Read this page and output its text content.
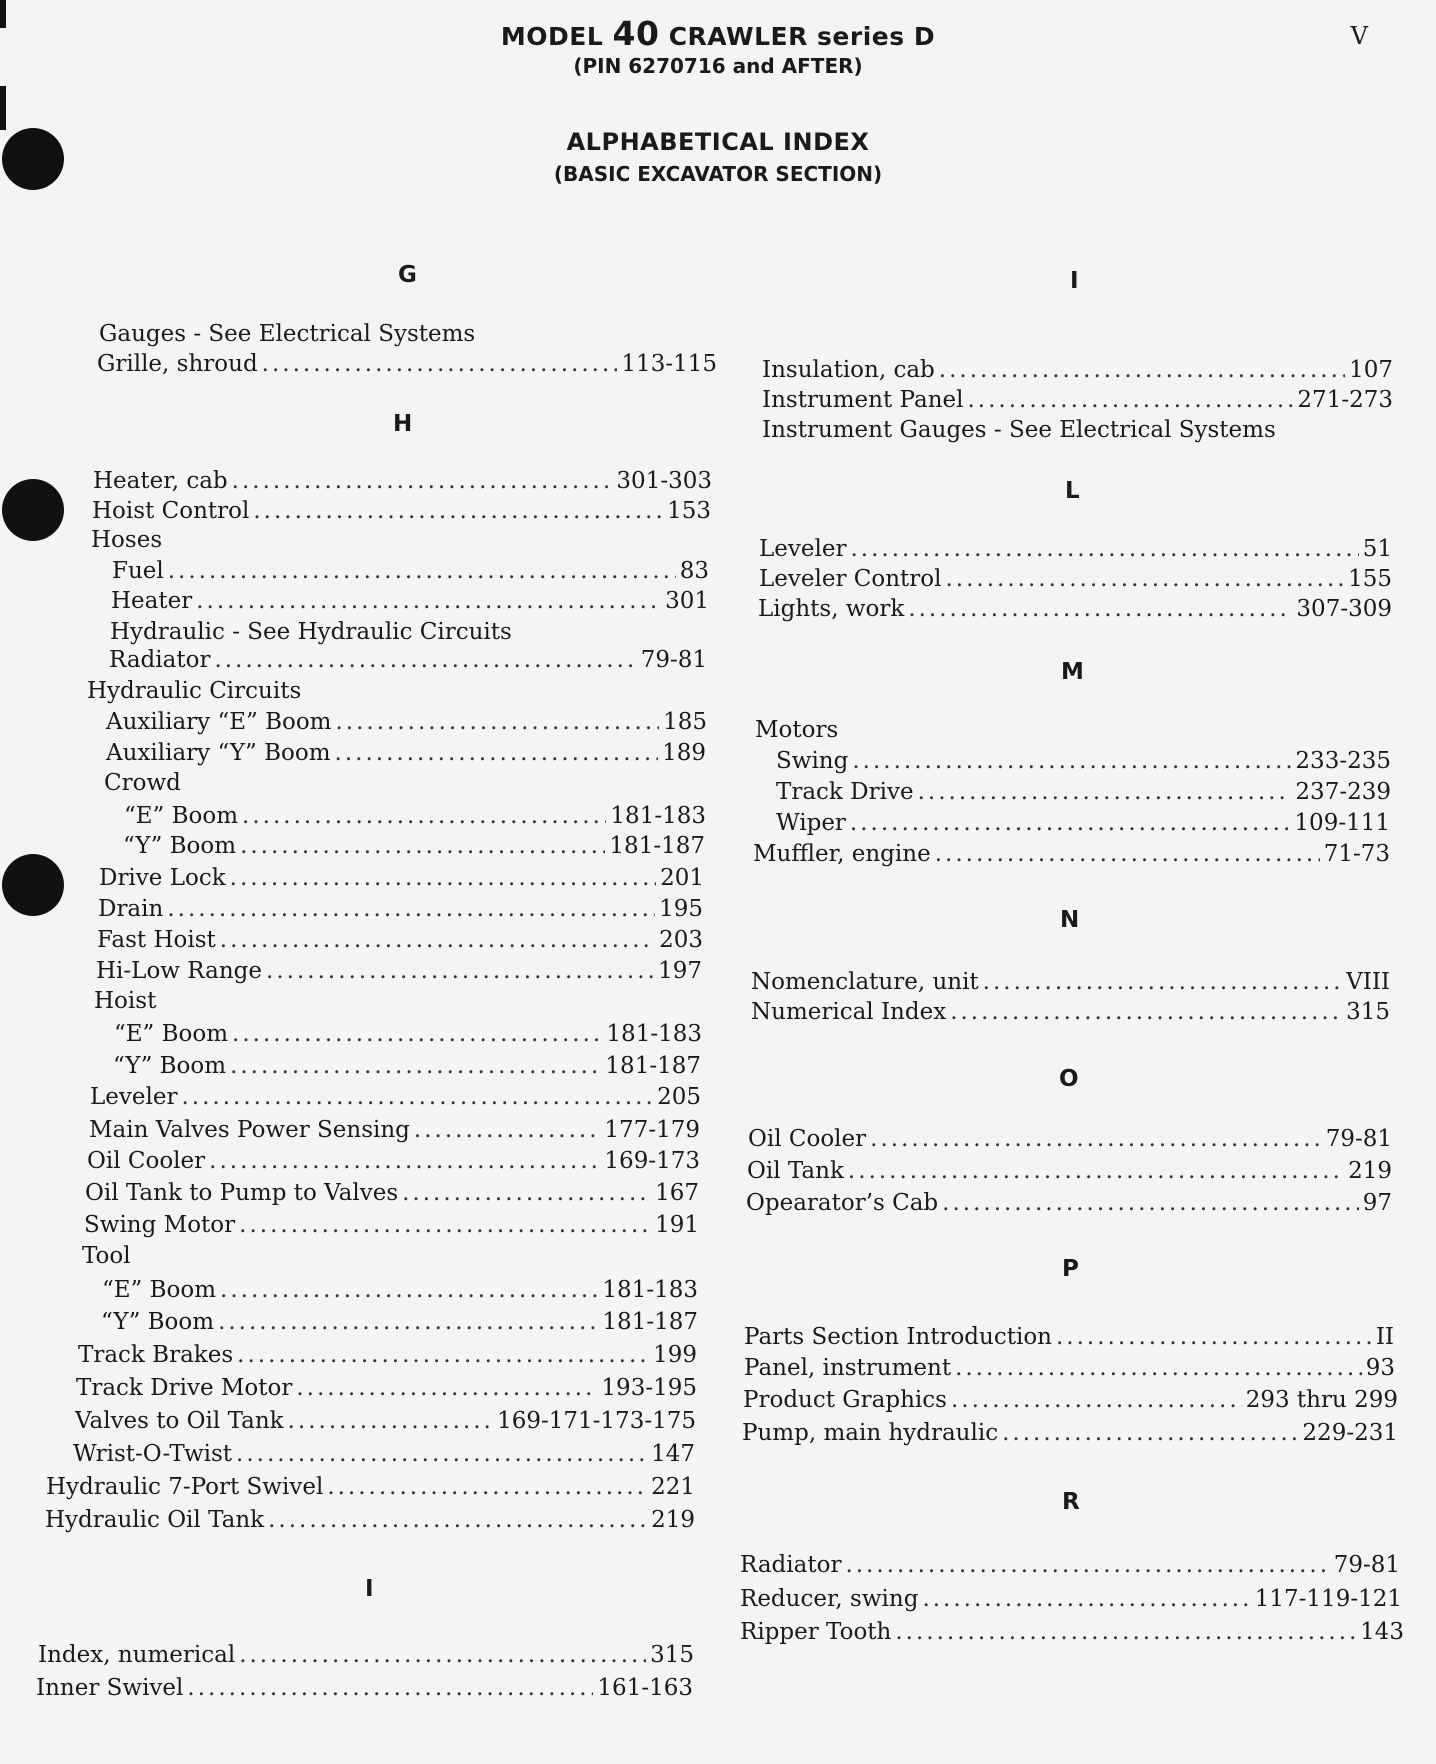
MODEL 40 CRAWLER series D
(PIN 6270716 and AFTER)
ALPHABETICAL INDEX
(BASIC EXCAVATOR SECTION)
V
G
Gauges - See Electrical Systems
Grille, shroud .....	113-115
H
Heater, cab .....	301-303
Hoist Control .....	153
Hoses
Fuel .....	83
Heater .....	301
Hydraulic - See Hydraulic Circuits
Radiator .....	79-81
Hydraulic Circuits
Auxiliary “E” Boom .....	185
Auxiliary “Y” Boom .....	189
Crowd
“E” Boom .....	181-183
“Y” Boom .....	181-187
Drive Lock .....	201
Drain .....	195
Fast Hoist .....	203
Hi-Low Range .....	197
Hoist
“E” Boom .....	181-183
“Y” Boom .....	181-187
Leveler .....	205
Main Valves Power Sensing .....	177-179
Oil Cooler .....	169-173
Oil Tank to Pump to Valves .....	167
Swing Motor .....	191
Tool
“E” Boom .....	181-183
“Y” Boom .....	181-187
Track Brakes .....	199
Track Drive Motor .....	193-195
Valves to Oil Tank .....	169-171-173-175
Wrist-O-Twist .....	147
Hydraulic 7-Port Swivel .....	221
Hydraulic Oil Tank .....	219
I
Index, numerical .....	315
Inner Swivel .....	161-163
I
Insulation, cab .....	107
Instrument Panel .....	271-273
Instrument Gauges - See Electrical Systems
L
Leveler .....	51
Leveler Control .....	155
Lights, work .....	307-309
M
Motors
Swing .....	233-235
Track Drive .....	237-239
Wiper .....	109-111
Muffler, engine .....	71-73
N
Nomenclature, unit .....	VIII
Numerical Index .....	315
O
Oil Cooler .....	79-81
Oil Tank .....	219
Opearator’s Cab .....	97
P
Parts Section Introduction .....	II
Panel, instrument .....	93
Product Graphics .....	293 thru 299
Pump, main hydraulic .....	229-231
R
Radiator .....	79-81
Reducer, swing .....	117-119-121
Ripper Tooth .....	143
